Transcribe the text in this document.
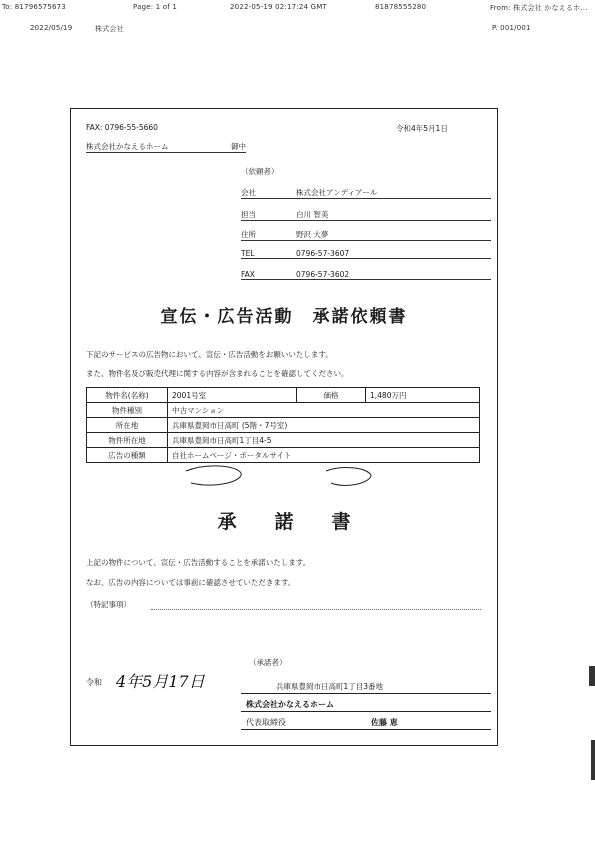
To: 81796575673	Page: 1 of 1	2022-05-19 02:17:24 GMT	81878555280	From: 株式会社 かなえるホ...
2022/05/19	株式会社	P. 001/001
FAX: 0796-55-5660	令和4年5月1日
株式会社かなえるホーム	御中
（依頼者）
会社	株式会社アンディアール
担当	白川 智美
住所	野沢 大夢
TEL	0796-57-3607
FAX	0796-57-3602
宣伝・広告活動　承諾依頼書
下記のサービスの広告物において、宣伝・広告活動をお願いいたします。
また、物件名及び販売代理に関する内容が含まれることを確認してください。
物件名(名称)	2001号室	価格	1,480万円
物件種別	中古マンション		
所在地	兵庫県豊岡市日高町 (5階・7号室)		
物件所在地	兵庫県豊岡市日高町1丁目4-5		
広告の種類	自社ホームページ・ポータルサイト		
承諾書
上記の物件について、宣伝・広告活動することを承諾いたします。
なお、広告の内容については事前に確認させていただきます。
（特記事項）
（承諾者）
令和 4年5月17日	兵庫県豊岡市日高町1丁目3番地
株式会社かなえるホーム
代表取締役	佐藤 恵
